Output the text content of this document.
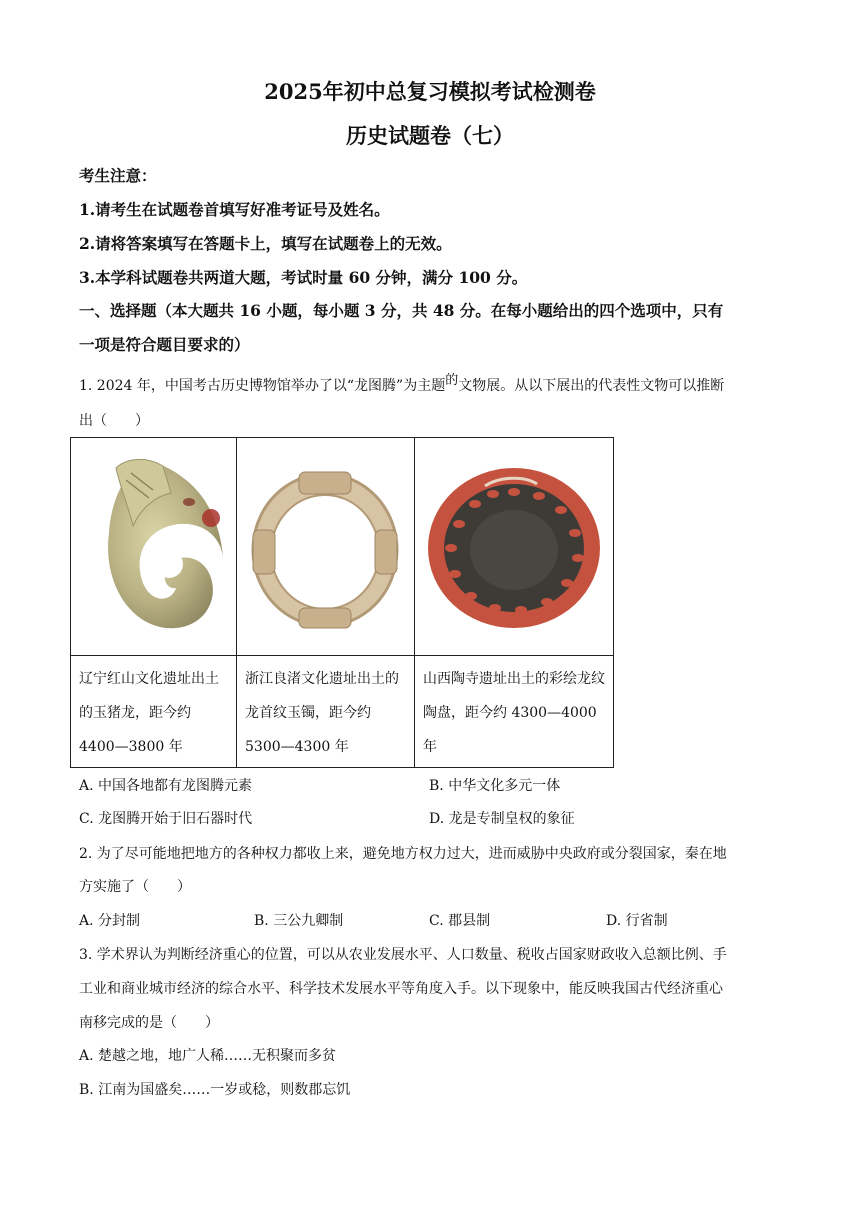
2025年初中总复习模拟考试检测卷
历史试题卷（七）
考生注意：
1.请考生在试题卷首填写好准考证号及姓名。
2.请将答案填写在答题卡上，填写在试题卷上的无效。
3.本学科试题卷共两道大题，考试时量 60 分钟，满分 100 分。
一、选择题（本大题共 16 小题，每小题 3 分，共 48 分。在每小题给出的四个选项中，只有
一项是符合题目要求的）
1. 2024 年，中国考古历史博物馆举办了以“龙图腾”为主题的文物展。从以下展出的代表性文物可以推断
出（　　）

辽宁红山文化遗址出土的玉猪龙，距今约 4400—3800 年	浙江良渚文化遗址出土的龙首纹玉镯，距今约 5300—4300 年	山西陶寺遗址出土的彩绘龙纹陶盘，距今约 4300—4000 年
A. 中国各地都有龙图腾元素	B. 中华文化多元一体
C. 龙图腾开始于旧石器时代	D. 龙是专制皇权的象征
2. 为了尽可能地把地方的各种权力都收上来，避免地方权力过大，进而威胁中央政府或分裂国家，秦在地
方实施了（　　）
A. 分封制	B. 三公九卿制	C. 郡县制	D. 行省制
3. 学术界认为判断经济重心的位置，可以从农业发展水平、人口数量、税收占国家财政收入总额比例、手
工业和商业城市经济的综合水平、科学技术发展水平等角度入手。以下现象中，能反映我国古代经济重心
南移完成的是（　　）
A. 楚越之地，地广人稀……无积聚而多贫
B. 江南为国盛矣……一岁或稔，则数郡忘饥
